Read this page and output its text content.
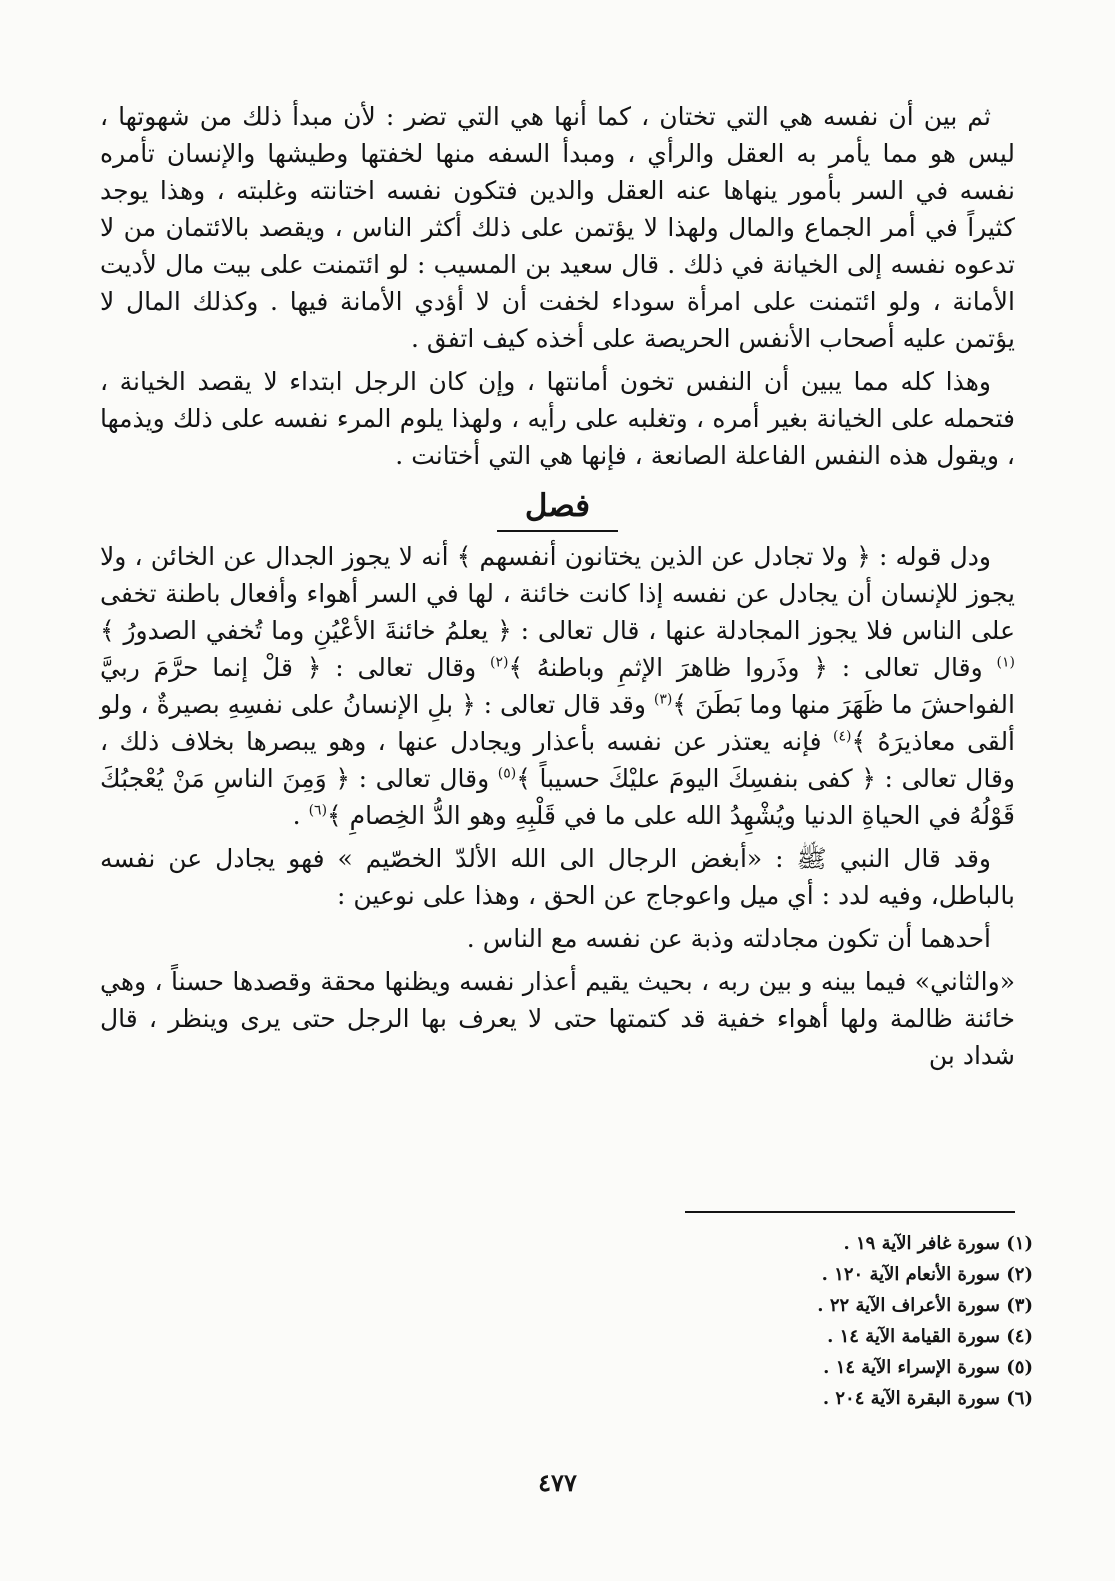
ثم بين أن نفسه هي التي تختان ، كما أنها هي التي تضر : لأن مبدأ ذلك من شهوتها ، ليس هو مما يأمر به العقل والرأي ، ومبدأ السفه منها لخفتها وطيشها والإنسان تأمره نفسه في السر بأمور ينهاها عنه العقل والدين فتكون نفسه اختانته وغلبته ، وهذا يوجد كثيراً في أمر الجماع والمال ولهذا لا يؤتمن على ذلك أكثر الناس ، ويقصد بالائتمان من لا تدعوه نفسه إلى الخيانة في ذلك . قال سعيد بن المسيب : لو ائتمنت على بيت مال لأديت الأمانة ، ولو ائتمنت على امرأة سوداء لخفت أن لا أؤدي الأمانة فيها . وكذلك المال لا يؤتمن عليه أصحاب الأنفس الحريصة على أخذه كيف اتفق .

وهذا كله مما يبين أن النفس تخون أمانتها ، وإن كان الرجل ابتداء لا يقصد الخيانة ، فتحمله على الخيانة بغير أمره ، وتغلبه على رأيه ، ولهذا يلوم المرء نفسه على ذلك ويذمها ، ويقول هذه النفس الفاعلة الصانعة ، فإنها هي التي أختانت .

فصل

ودل قوله : ﴿ ولا تجادل عن الذين يختانون أنفسهم ﴾ أنه لا يجوز الجدال عن الخائن ، ولا يجوز للإنسان أن يجادل عن نفسه إذا كانت خائنة ، لها في السر أهواء وأفعال باطنة تخفى على الناس فلا يجوز المجادلة عنها ، قال تعالى : ﴿ يعلمُ خائنةَ الأعْيُنِ وما تُخفي الصدورُ ﴾$^{(١)}$ وقال تعالى : ﴿ وذَروا ظاهرَ الإثمِ وباطنهُ ﴾$^{(٢)}$ وقال تعالى : ﴿ قلْ إنما حرَّمَ ربيَّ الفواحشَ ما ظَهَرَ منها وما بَطَنَ ﴾$^{(٣)}$ وقد قال تعالى : ﴿ بلِ الإنسانُ على نفسِهِ بصيرةٌ ، ولو ألقى معاذيرَهُ ﴾$^{(٤)}$ فإنه يعتذر عن نفسه بأعذار ويجادل عنها ، وهو يبصرها بخلاف ذلك ، وقال تعالى : ﴿ كفى بنفسِكَ اليومَ عليْكَ حسيباً ﴾$^{(٥)}$ وقال تعالى : ﴿ وَمِنَ الناسِ مَنْ يُعْجبُكَ قَوْلُهُ في الحياةِ الدنيا ويُشْهِدُ الله على ما في قَلْبِهِ وهو الدُّ الخِصامِ ﴾$^{(٦)}$ .

وقد قال النبي ﷺ : «أبغض الرجال الى الله الألدّ الخصّيم » فهو يجادل عن نفسه بالباطل، وفيه لدد : أي ميل واعوجاج عن الحق ، وهذا على نوعين :

أحدهما أن تكون مجادلته وذبة عن نفسه مع الناس .

«والثاني» فيما بينه و بين ربه ، بحيث يقيم أعذار نفسه ويظنها محقة وقصدها حسناً ، وهي خائنة ظالمة ولها أهواء خفية قد كتمتها حتى لا يعرف بها الرجل حتى يرى وينظر ، قال شداد بن

(١) سورة غافر الآية ١٩ .
(٢) سورة الأنعام الآية ١٢٠ .
(٣) سورة الأعراف الآية ٢٢ .
(٤) سورة القيامة الآية ١٤ .
(٥) سورة الإسراء الآية ١٤ .
(٦) سورة البقرة الآية ٢٠٤ .
٤٧٧
